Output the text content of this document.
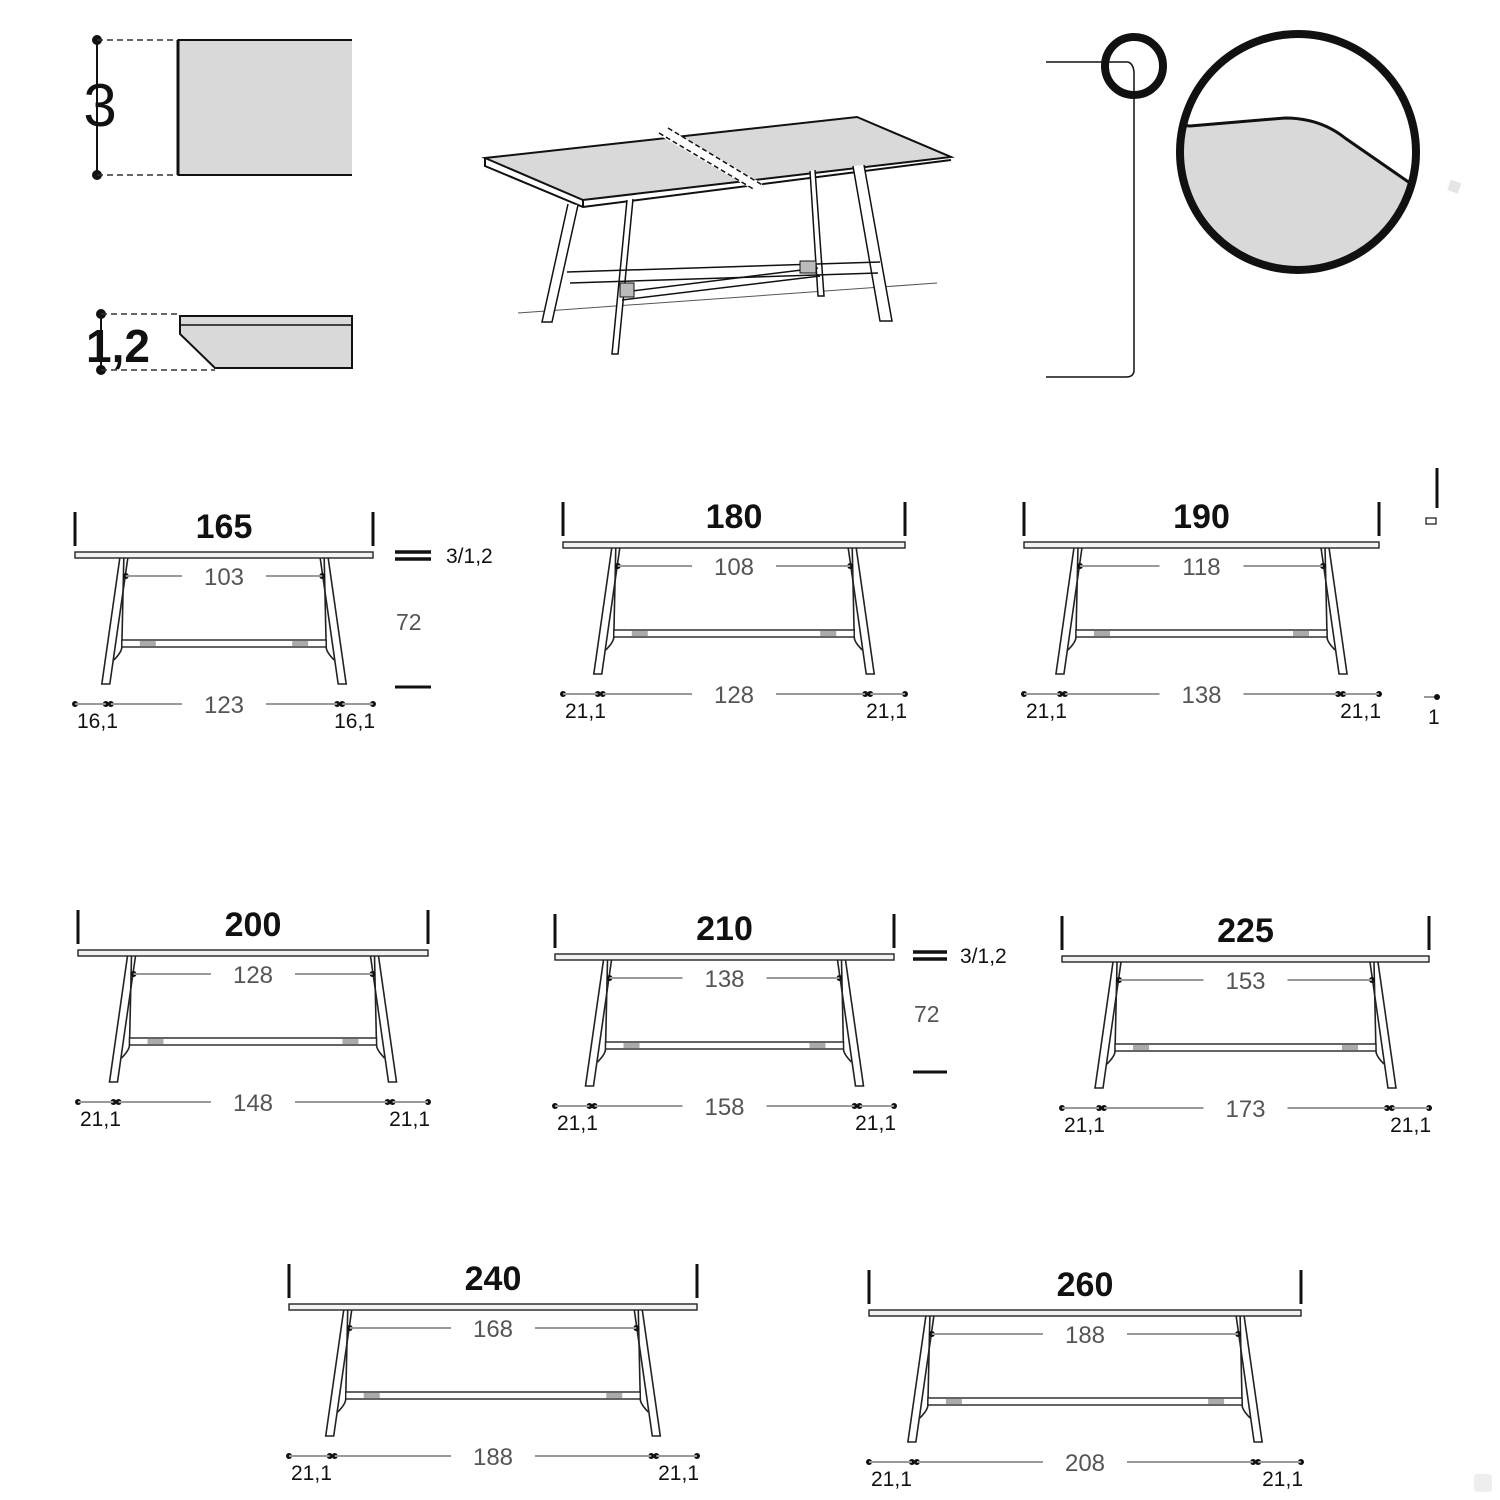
3
1,2
3/1,2
72
3/1,2
72
1
165
103
123
16,1	16,1
180
108
128
21,1	21,1
190
118
138
21,1	21,1
200
128
148
21,1	21,1
210
138
158
21,1	21,1
225
153
173
21,1	21,1
240
168
188
21,1	21,1
260
188
208
21,1	21,1
